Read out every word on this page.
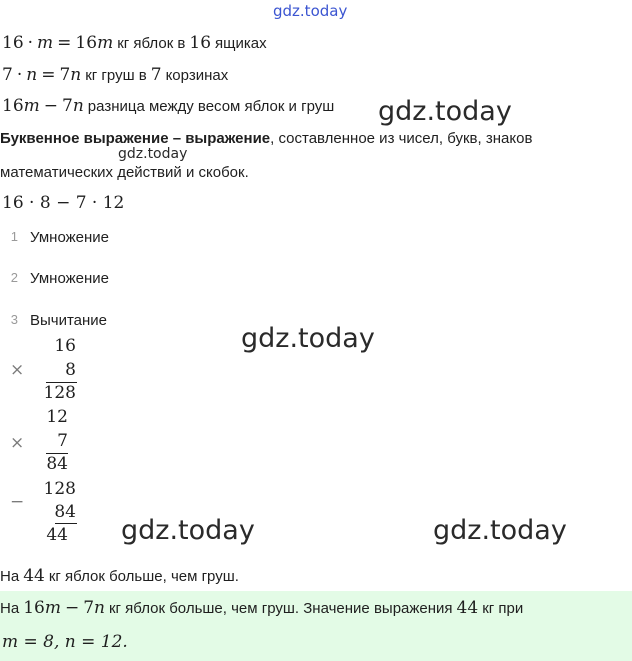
gdz.today
gdz.today
gdz.today
gdz.today
gdz.today	gdz.today
16 · m = 16 m кг яблок в 16 ящиках
7 · n = 7 n кг груш в 7 корзинах
16 m − 7 n разница между весом яблок и груш
Буквенное выражение – выражение, составленное из чисел, букв, знаков
математических действий и скобок.
16 · 8 − 7 · 12
1 Умножение
2 Умножение
3 Вычитание
×
16
8
128
×
12
7
84
−
128
84
44
На 44 кг яблок больше, чем груш.
На 16 m − 7 n кг яблок больше, чем груш. Значение выражения 44 кг при
m = 8, n = 12.
